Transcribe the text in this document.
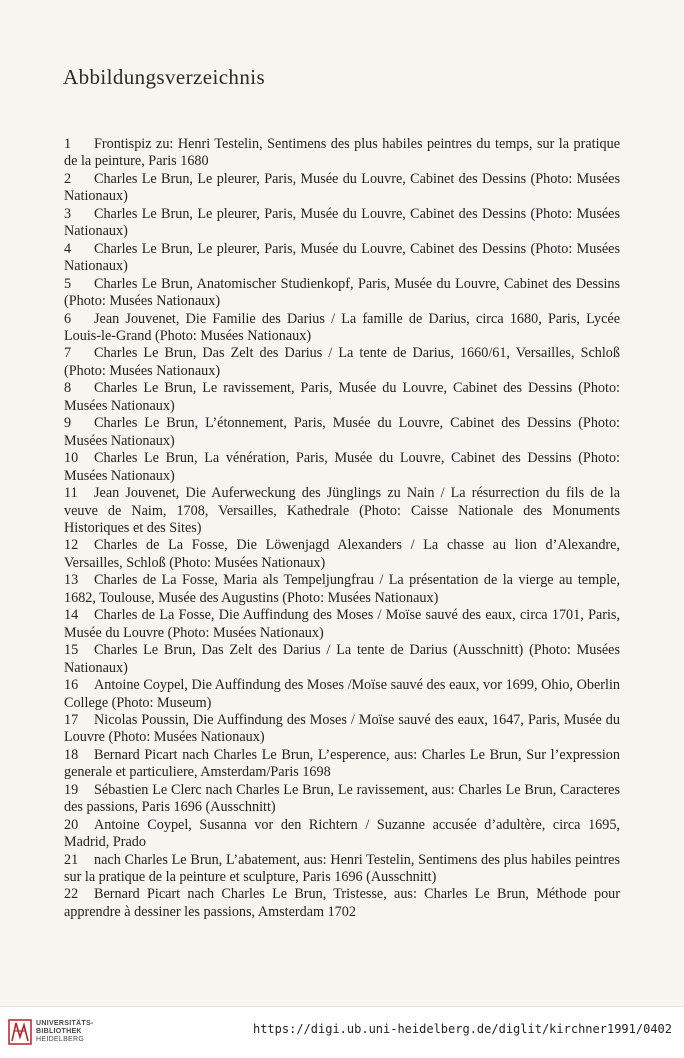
Abbildungsverzeichnis

1 Frontispiz zu: Henri Testelin, Sentimens des plus habiles peintres du temps, sur la pratique de la peinture, Paris 1680

2 Charles Le Brun, Le pleurer, Paris, Musée du Louvre, Cabinet des Dessins (Photo: Musées Nationaux)

3 Charles Le Brun, Le pleurer, Paris, Musée du Louvre, Cabinet des Dessins (Photo: Musées Nationaux)

4 Charles Le Brun, Le pleurer, Paris, Musée du Louvre, Cabinet des Dessins (Photo: Musées Nationaux)

5 Charles Le Brun, Anatomischer Studienkopf, Paris, Musée du Louvre, Cabinet des Dessins (Photo: Musées Nationaux)

6 Jean Jouvenet, Die Familie des Darius / La famille de Darius, circa 1680, Paris, Lycée Louis-le-Grand (Photo: Musées Nationaux)

7 Charles Le Brun, Das Zelt des Darius / La tente de Darius, 1660/61, Versailles, Schloß (Photo: Musées Nationaux)

8 Charles Le Brun, Le ravissement, Paris, Musée du Louvre, Cabinet des Dessins (Photo: Musées Nationaux)

9 Charles Le Brun, L’étonnement, Paris, Musée du Louvre, Cabinet des Dessins (Photo: Musées Nationaux)

10 Charles Le Brun, La vénération, Paris, Musée du Louvre, Cabinet des Dessins (Photo: Musées Nationaux)

11 Jean Jouvenet, Die Auferweckung des Jünglings zu Nain / La résurrection du fils de la veuve de Naim, 1708, Versailles, Kathedrale (Photo: Caisse Nationale des Monuments Historiques et des Sites)

12 Charles de La Fosse, Die Löwenjagd Alexanders / La chasse au lion d’Alexandre, Versailles, Schloß (Photo: Musées Nationaux)

13 Charles de La Fosse, Maria als Tempeljungfrau / La présentation de la vierge au temple, 1682, Toulouse, Musée des Augustins (Photo: Musées Nationaux)

14 Charles de La Fosse, Die Auffindung des Moses / Moïse sauvé des eaux, circa 1701, Paris, Musée du Louvre (Photo: Musées Nationaux)

15 Charles Le Brun, Das Zelt des Darius / La tente de Darius (Ausschnitt) (Photo: Musées Nationaux)

16 Antoine Coypel, Die Auffindung des Moses /Moïse sauvé des eaux, vor 1699, Ohio, Oberlin College (Photo: Museum)

17 Nicolas Poussin, Die Auffindung des Moses / Moïse sauvé des eaux, 1647, Paris, Musée du Louvre (Photo: Musées Nationaux)

18 Bernard Picart nach Charles Le Brun, L’esperence, aus: Charles Le Brun, Sur l’expression generale et particuliere, Amsterdam/Paris 1698

19 Sébastien Le Clerc nach Charles Le Brun, Le ravissement, aus: Charles Le Brun, Caracteres des passions, Paris 1696 (Ausschnitt)

20 Antoine Coypel, Susanna vor den Richtern / Suzanne accusée d’adultère, circa 1695, Madrid, Prado

21 nach Charles Le Brun, L’abatement, aus: Henri Testelin, Sentimens des plus habiles peintres sur la pratique de la peinture et sculpture, Paris 1696 (Ausschnitt)

22 Bernard Picart nach Charles Le Brun, Tristesse, aus: Charles Le Brun, Méthode pour apprendre à dessiner les passions, Amsterdam 1702

UNIVERSITÄTS-
BIBLIOTHEK
HEIDELBERG
https://digi.ub.uni-heidelberg.de/diglit/kirchner1991/0402
